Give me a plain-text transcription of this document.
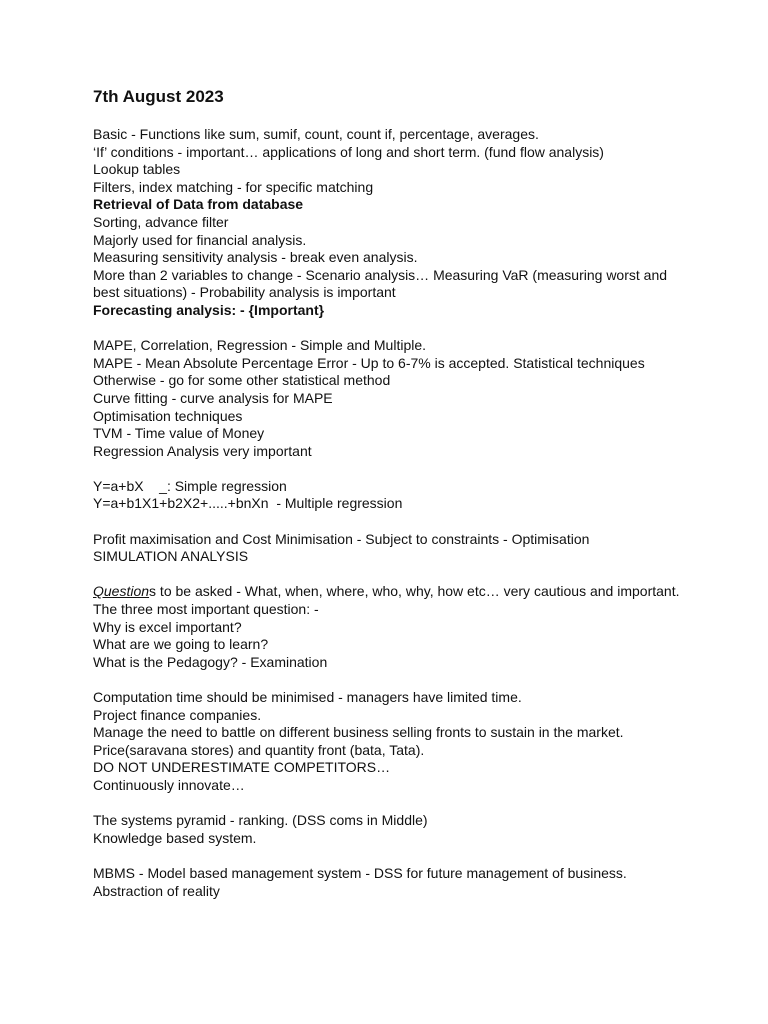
7th August 2023
Basic - Functions like sum, sumif, count, count if, percentage, averages.
‘If’ conditions - important… applications of long and short term. (fund flow analysis)
Lookup tables
Filters, index matching - for specific matching
Retrieval of Data from database
Sorting, advance filter
Majorly used for financial analysis.
Measuring sensitivity analysis - break even analysis.
More than 2 variables to change - Scenario analysis… Measuring VaR (measuring worst and best situations) - Probability analysis is important
Forecasting analysis: - {Important}
MAPE, Correlation, Regression - Simple and Multiple.
MAPE - Mean Absolute Percentage Error - Up to 6-7% is accepted. Statistical techniques
Otherwise - go for some other statistical method
Curve fitting - curve analysis for MAPE
Optimisation techniques
TVM - Time value of Money
Regression Analysis very important
Y=a+bX    _: Simple regression
Y=a+b1X1+b2X2+.....+bnXn  - Multiple regression
Profit maximisation and Cost Minimisation - Subject to constraints - Optimisation
SIMULATION ANALYSIS
Questions to be asked - What, when, where, who, why, how etc… very cautious and important.
The three most important question: -
Why is excel important?
What are we going to learn?
What is the Pedagogy? - Examination
Computation time should be minimised - managers have limited time.
Project finance companies.
Manage the need to battle on different business selling fronts to sustain in the market.
Price(saravana stores) and quantity front (bata, Tata).
DO NOT UNDERESTIMATE COMPETITORS…
Continuously innovate…
The systems pyramid - ranking. (DSS coms in Middle)
Knowledge based system.
MBMS - Model based management system - DSS for future management of business.
Abstraction of reality
